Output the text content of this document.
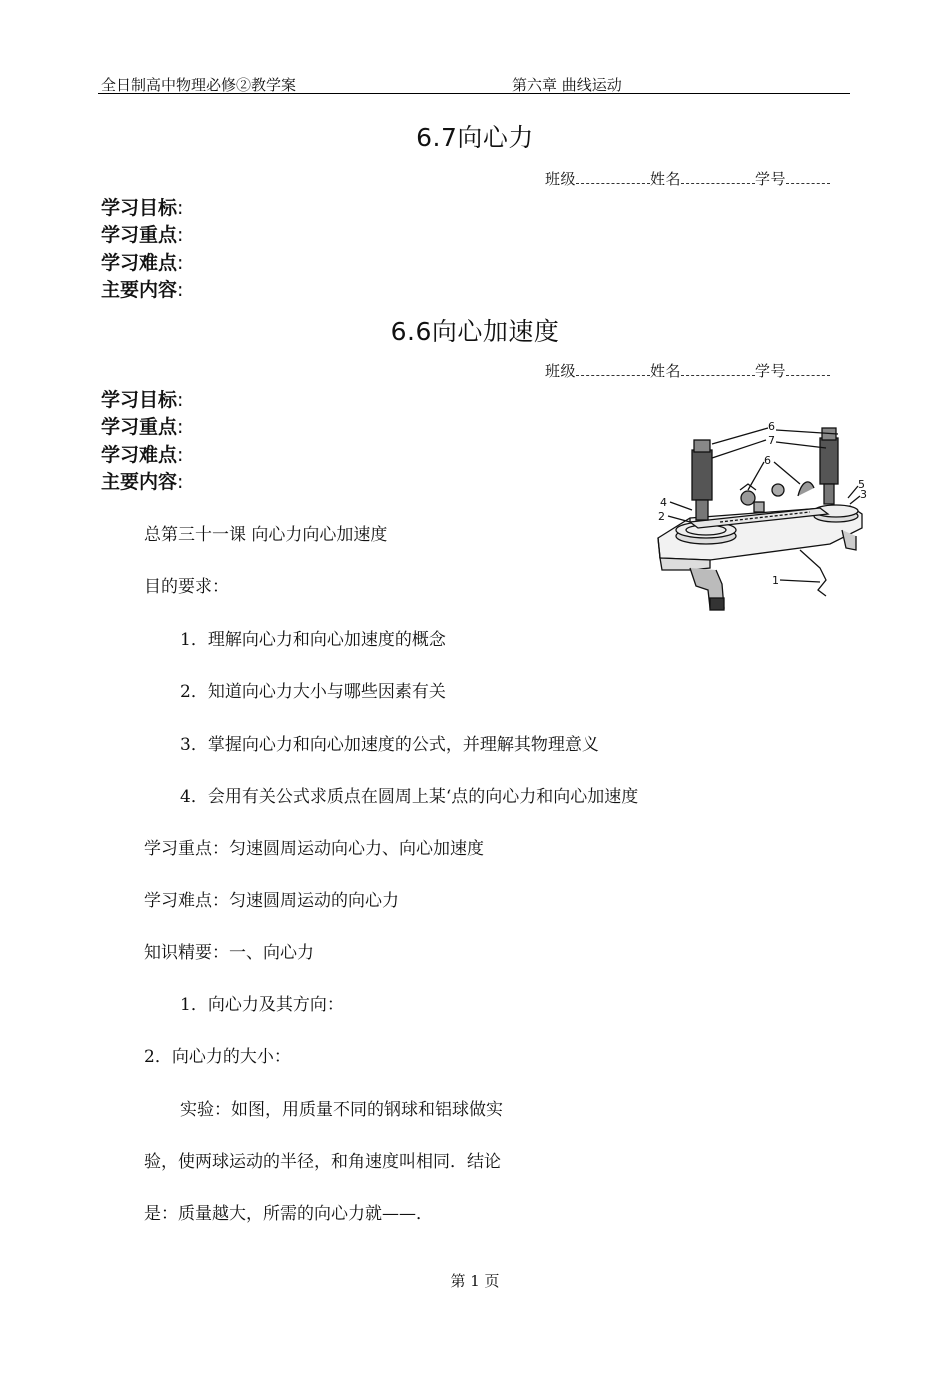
全日制高中物理必修②教学案	第六章 曲线运动
6.7向心力
班级	姓名	学号
学习目标:
学习重点:
学习难点:
主要内容:
6.6向心加速度
班级	姓名	学号
学习目标:
学习重点:
学习难点:
主要内容:
总第三十一课 向心力向心加速度
目的要求：
1．理解向心力和向心加速度的概念
2．知道向心力大小与哪些因素有关
3．掌握向心力和向心加速度的公式，并理解其物理意义
4．会用有关公式求质点在圆周上某‘点的向心力和向心加速度
学习重点：匀速圆周运动向心力、向心加速度
学习难点：匀速圆周运动的向心力
知识精要：一、向心力
1．向心力及其方向：
2．向心力的大小：
实验：如图，用质量不同的钢球和铝球做实
验，使两球运动的半径，和角速度叫相同．结论
是：质量越大，所需的向心力就——．
6
7
6
4
2
5
3
1
第 1 页
